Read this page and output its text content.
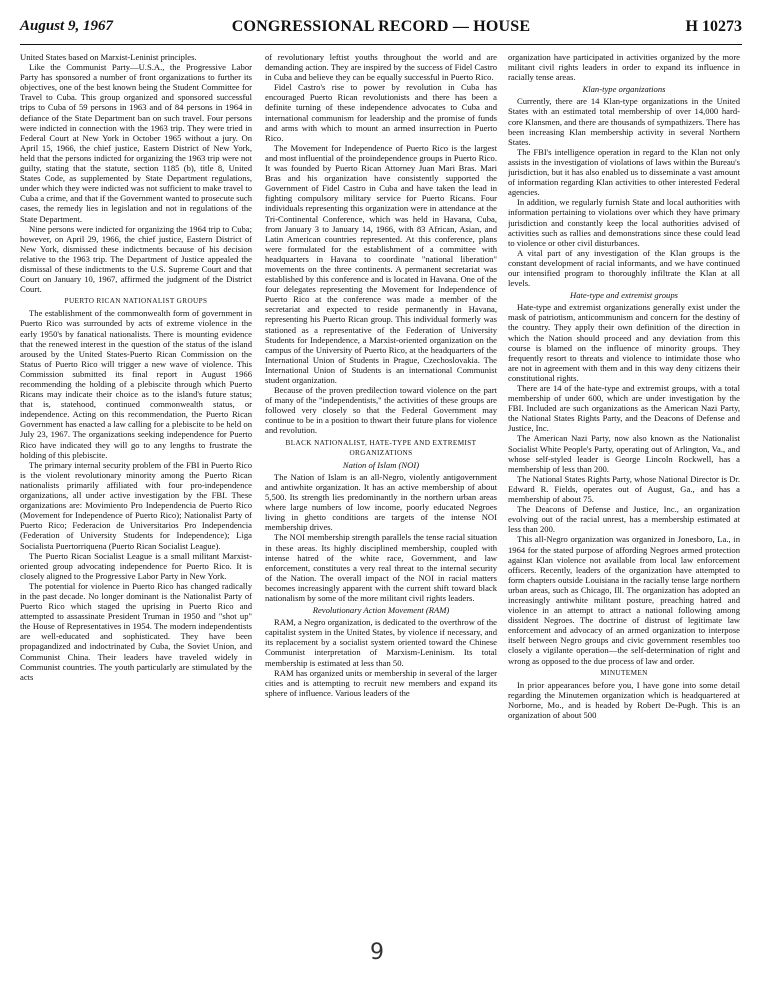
August 9, 1967	CONGRESSIONAL RECORD — HOUSE	H 10273

United States based on Marxist-Leninist principles.

Like the Communist Party—U.S.A., the Progressive Labor Party has sponsored a number of front organizations to further its objectives, one of the best known being the Student Committee for Travel to Cuba. This group organized and sponsored successful trips to Cuba of 59 persons in 1963 and of 84 persons in 1964 in defiance of the State Department ban on such travel. Four persons were indicted in connection with the 1963 trip. They were tried in Federal Court at New York in October 1965 without a jury. On April 15, 1966, the chief justice, Eastern District of New York, held that the persons indicted for organizing the 1963 trip were not guilty, stating that the statute, section 1185 (b), title 8, United States Code, as supplemented by State Department regulations, under which they were indicted was not sufficient to make travel to Cuba a crime, and that if the Government wanted to prosecute such cases, the remedy lies in legislation and not in regulations of the State Department.

Nine persons were indicted for organizing the 1964 trip to Cuba; however, on April 29, 1966, the chief justice, Eastern District of New York, dismissed these indictments because of his decision relative to the 1963 trip. The Department of Justice appealed the dismissal of these indictments to the U.S. Supreme Court and that Court on January 10, 1967, affirmed the judgment of the District Court.

PUERTO RICAN NATIONALIST GROUPS

The establishment of the commonwealth form of government in Puerto Rico was surrounded by acts of extreme violence in the early 1950's by fanatical nationalists. There is mounting evidence that the renewed interest in the question of the status of the island aroused by the United States-Puerto Rican Commission on the Status of Puerto Rico will trigger a new wave of violence. This Commission submitted its final report in August 1966 recommending the holding of a plebiscite through which Puerto Ricans may indicate their choice as to the island's future status; that is, statehood, continued commonwealth status, or independence. Acting on this recommendation, the Puerto Rican Government has enacted a law calling for a plebiscite to be held on July 23, 1967. The organizations seeking independence for Puerto Rico have indicated they will go to any lengths to frustrate the holding of this plebiscite.

The primary internal security problem of the FBI in Puerto Rico is the violent revolutionary minority among the Puerto Rican nationalists primarily affiliated with four pro-independence organizations, all under active investigation by the FBI. These organizations are: Movimiento Pro Independencia de Puerto Rico (Movement for Independence of Puerto Rico); Nationalist Party of Puerto Rico; Federacion de Universitarios Pro Independencia (Federation of University Students for Independence); Liga Socialista Puertorriquena (Puerto Rican Socialist League).

The Puerto Rican Socialist League is a small militant Marxist-oriented group advocating independence for Puerto Rico. It is closely aligned to the Progressive Labor Party in New York.

The potential for violence in Puerto Rico has changed radically in the past decade. No longer dominant is the Nationalist Party of Puerto Rico which staged the uprising in Puerto Rico and attempted to assassinate President Truman in 1950 and "shot up" the House of Representatives in 1954. The modern independentists are well-educated and sophisticated. They have been propagandized and indoctrinated by Cuba, the Soviet Union, and Communist China. Their leaders have traveled widely in Communist countries. The youth particularly are stimulated by the acts

of revolutionary leftist youths throughout the world and are demanding action. They are inspired by the success of Fidel Castro in Cuba and believe they can be equally successful in Puerto Rico.

Fidel Castro's rise to power by revolution in Cuba has encouraged Puerto Rican revolutionists and there has been a definite turning of these independence advocates to Cuba and international communism for leadership and the promise of funds and arms with which to mount an armed insurrection in Puerto Rico.

The Movement for Independence of Puerto Rico is the largest and most influential of the proindependence groups in Puerto Rico. It was founded by Puerto Rican Attorney Juan Mari Bras. Mari Bras and his organization have consistently supported the Government of Fidel Castro in Cuba and have taken the lead in fighting compulsory military service for Puerto Ricans. Four individuals representing this organization were in attendance at the Tri-Continental Conference, which was held in Havana, Cuba, from January 3 to January 14, 1966, with 83 African, Asian, and Latin American countries represented. At this conference, plans were formulated for the establishment of a committee with headquarters in Havana to coordinate "national liberation" movements on the three continents. A permanent secretariat was established by this conference and is located in Havana. One of the four delegates representing the Movement for Independence of Puerto Rico at the conference was made a member of the secretariat and expected to reside permanently in Havana, representing his Puerto Rican group. This individual formerly was stationed as a representative of the Federation of University Students for Independence, a Marxist-oriented organization on the campus of the University of Puerto Rico, at the headquarters of the International Union of Students in Prague, Czechoslovakia. The International Union of Students is an international Communist student organization.

Because of the proven predilection toward violence on the part of many of the "independentists," the activities of these groups are followed very closely so that the Federal Government may continue to be in a position to thwart their future plans for violence and revolution.

BLACK NATIONALIST, HATE-TYPE AND EXTREMIST ORGANIZATIONS
Nation of Islam (NOI)

The Nation of Islam is an all-Negro, violently antigovernment and antiwhite organization. It has an active membership of about 5,500. Its strength lies predominantly in the northern urban areas where large numbers of low income, poorly educated Negroes living in ghetto conditions are targets of the intense NOI membership drives.

The NOI membership strength parallels the tense racial situation in these areas. Its highly disciplined membership, coupled with intense hatred of the white race, Government, and law enforcement, constitutes a very real threat to the internal security of the Nation. The overall impact of the NOI in racial matters becomes increasingly apparent with the current shift toward black nationalism by some of the more militant civil rights leaders.

Revolutionary Action Movement (RAM)

RAM, a Negro organization, is dedicated to the overthrow of the capitalist system in the United States, by violence if necessary, and its replacement by a socialist system oriented toward the Chinese Communist interpretation of Marxism-Leninism. Its total membership is estimated at less than 50.

RAM has organized units or membership in several of the larger cities and is attempting to recruit new members and expand its sphere of influence. Various leaders of the

organization have participated in activities organized by the more militant civil rights leaders in order to expand its influence in racially tense areas.

Klan-type organizations

Currently, there are 14 Klan-type organizations in the United States with an estimated total membership of over 14,000 hard-core Klansmen, and there are thousands of sympathizers. There has been increasing Klan membership activity in several Northern States.

The FBI's intelligence operation in regard to the Klan not only assists in the investigation of violations of laws within the Bureau's jurisdiction, but it has also enabled us to disseminate a vast amount of information regarding Klan activities to other interested Federal agencies.

In addition, we regularly furnish State and local authorities with information pertaining to violations over which they have primary jurisdiction and constantly keep the local authorities advised of activities such as rallies and demonstrations since these could lead to violence or other civil disturbances.

A vital part of any investigation of the Klan groups is the constant development of racial informants, and we have continued our intensified program to thoroughly infiltrate the Klan at all levels.

Hate-type and extremist groups

Hate-type and extremist organizations generally exist under the mask of patriotism, anticommunism and concern for the destiny of the country. They apply their own definition of the direction in which the Nation should proceed and any deviation from this course is blamed on the influence of minority groups. They frequently resort to threats and violence to intimidate those who are not in agreement with them and in this way deny citizens their constitutional rights.

There are 14 of the hate-type and extremist groups, with a total membership of under 600, which are under investigation by the FBI. Included are such organizations as the American Nazi Party, the National States Rights Party, and the Deacons of Defense and Justice, Inc.

The American Nazi Party, now also known as the Nationalist Socialist White People's Party, operating out of Arlington, Va., and whose self-styled leader is George Lincoln Rockwell, has a membership of less than 200.

The National States Rights Party, whose National Director is Dr. Edward R. Fields, operates out of August, Ga., and has a membership of about 75.

The Deacons of Defense and Justice, Inc., an organization evolving out of the racial unrest, has a membership estimated at less than 200.

This all-Negro organization was organized in Jonesboro, La., in 1964 for the stated purpose of affording Negroes armed protection against Klan violence not available from local law enforcement officers. Recently, leaders of the organization have attempted to form chapters outside Louisiana in the racially tense large northern urban areas, such as Chicago, Ill. The organization has adopted an increasingly antiwhite militant posture, preaching hatred and violence in an attempt to attract a national following among dissident Negroes. The doctrine of distrust of legitimate law enforcement and advocacy of an armed organization to interpose itself between Negro groups and civic government resembles too closely a vigilante operation—the self-determination of right and wrong as opposed to the due process of law and order.

MINUTEMEN

In prior appearances before you, I have gone into some detail regarding the Minutemen organization which is headquartered at Norborne, Mo., and is headed by Robert De-Pugh. This is an organization of about 500

9
